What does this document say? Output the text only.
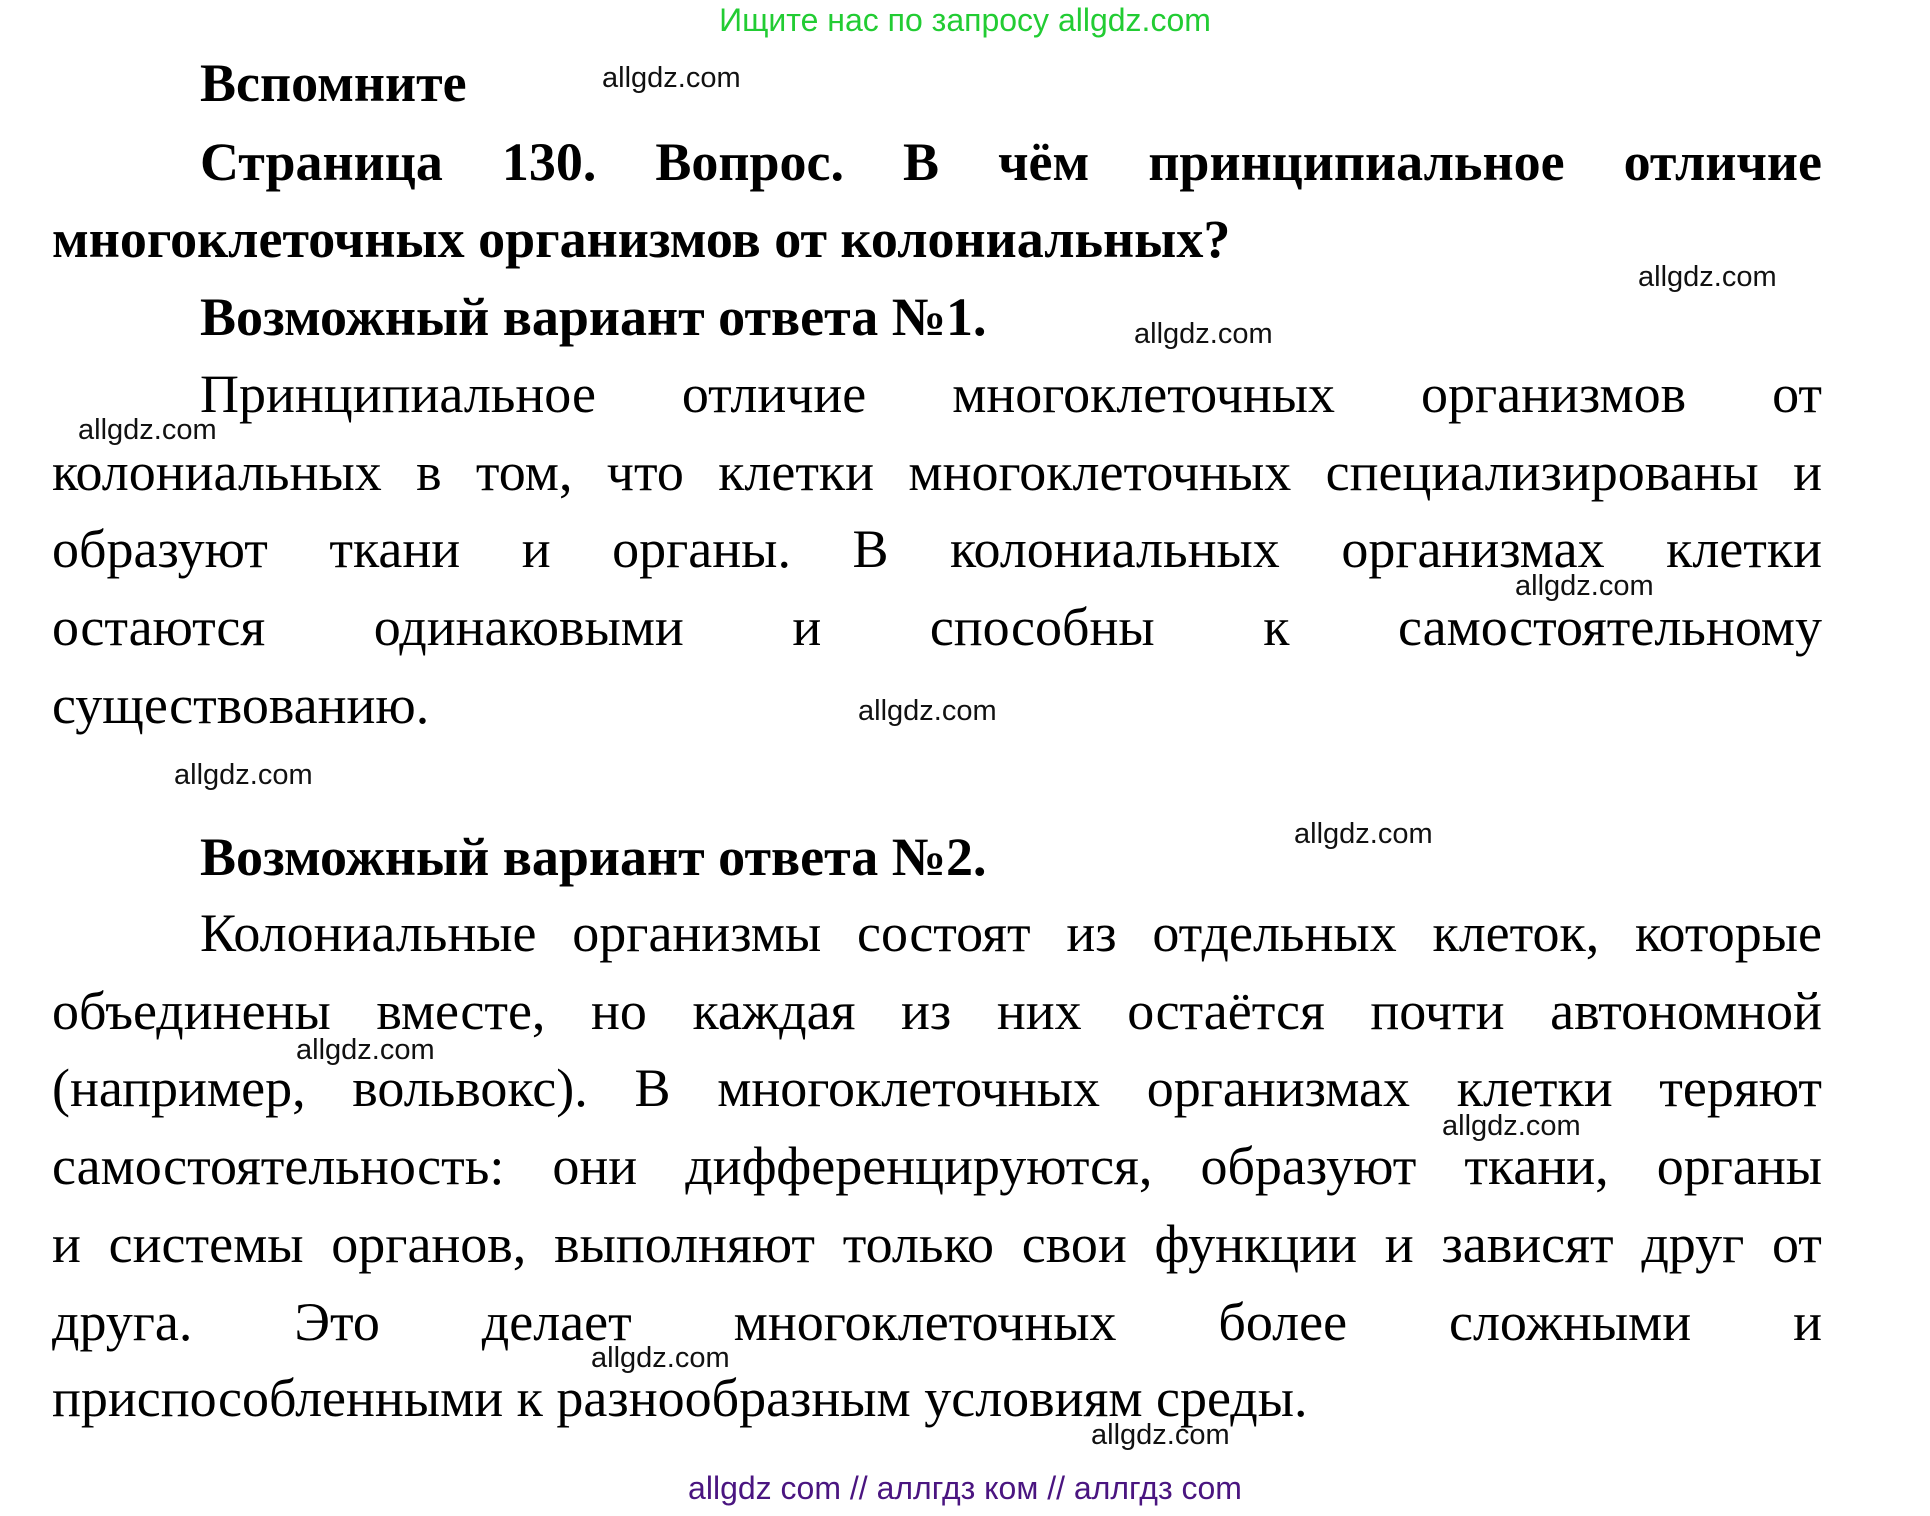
Ищите нас по запросу allgdz.com
Вспомните
Страница 130. Вопрос. В чём принципиальное отличие
многоклеточных организмов от колониальных?
Возможный вариант ответа №1.
Принципиальное отличие многоклеточных организмов от
колониальных в том, что клетки многоклеточных специализированы и
образуют ткани и органы. В колониальных организмах клетки
остаются одинаковыми и способны к самостоятельному
существованию.
Возможный вариант ответа №2.
Колониальные организмы состоят из отдельных клеток, которые
объединены вместе, но каждая из них остаётся почти автономной
(например, вольвокс). В многоклеточных организмах клетки теряют
самостоятельность: они дифференцируются, образуют ткани, органы
и системы органов, выполняют только свои функции и зависят друг от
друга. Это делает многоклеточных более сложными и
приспособленными к разнообразным условиям среды.
allgdz.com
allgdz.com
allgdz.com
allgdz.com
allgdz.com
allgdz.com
allgdz.com
allgdz.com
allgdz.com
allgdz.com
allgdz.com
allgdz.com
allgdz com // аллгдз ком // аллгдз com
